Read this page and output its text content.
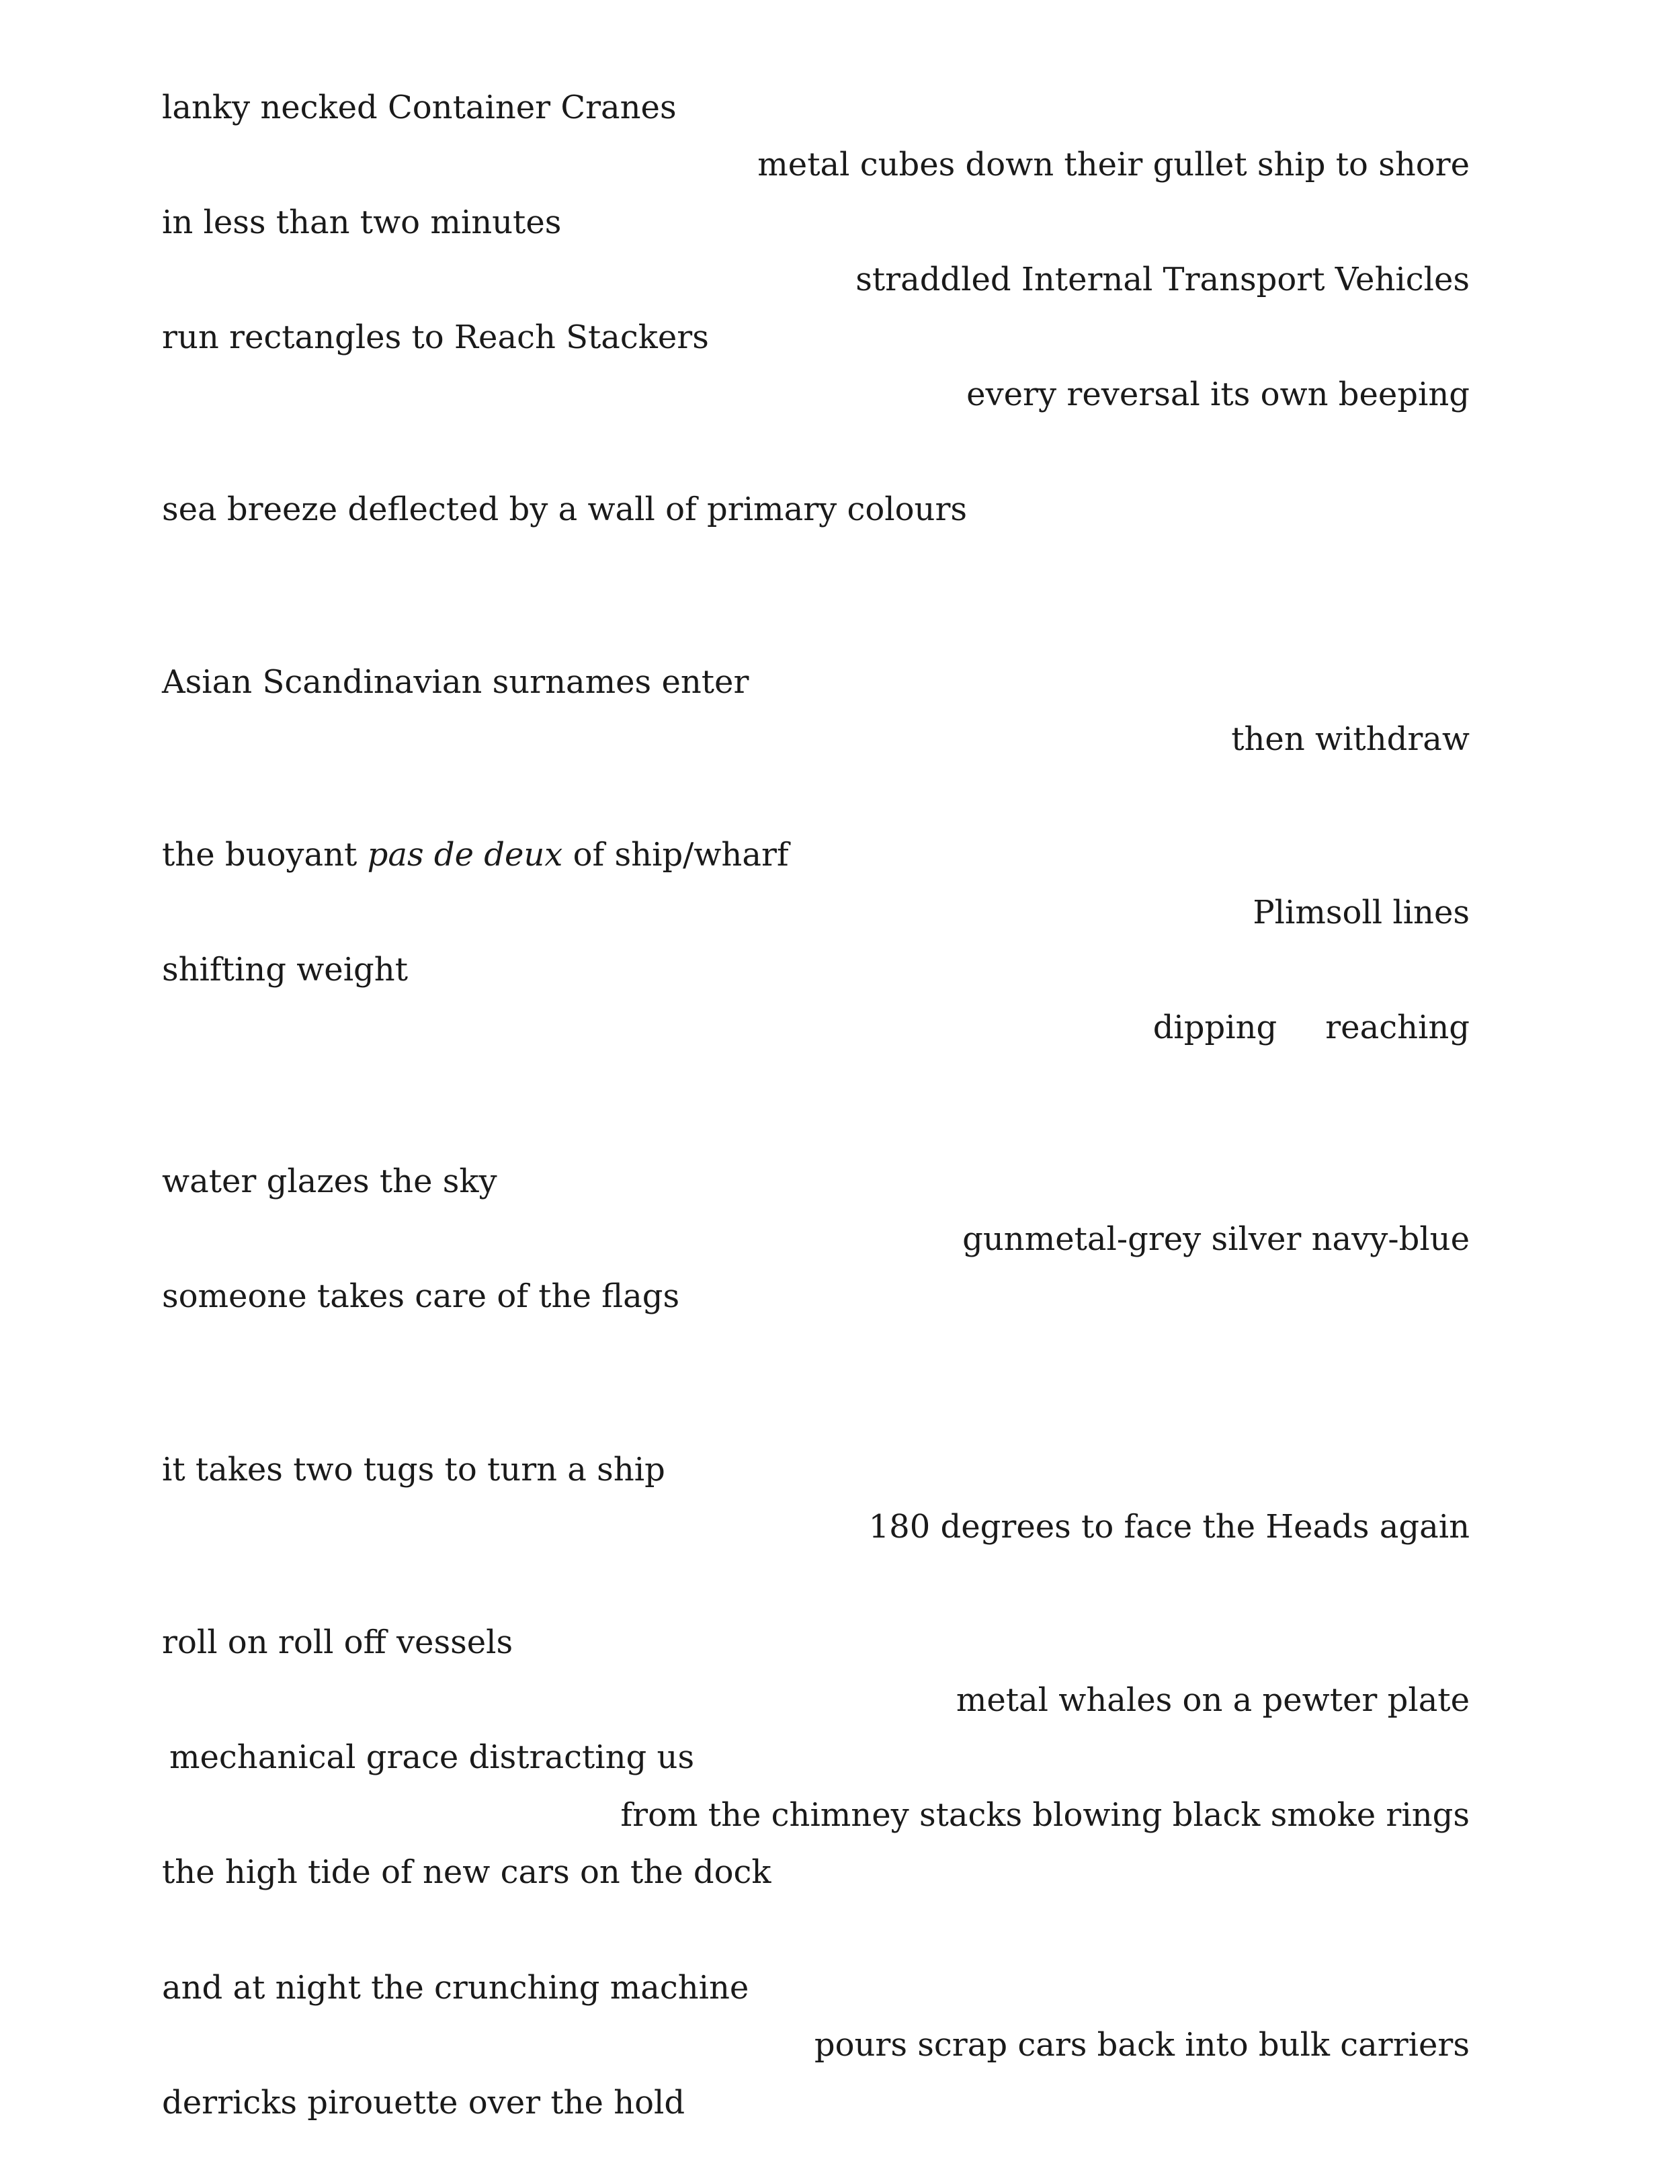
lanky necked Container Cranes

metal cubes down their gullet ship to shore

in less than two minutes

straddled Internal Transport Vehicles

run rectangles to Reach Stackers

every reversal its own beeping

sea breeze deflected by a wall of primary colours

Asian Scandinavian surnames enter

then withdraw

the buoyant pas de deux of ship/wharf

Plimsoll lines

shifting weight

dipping reaching

water glazes the sky

gunmetal-grey silver navy-blue

someone takes care of the flags

it takes two tugs to turn a ship

180 degrees to face the Heads again

roll on roll off vessels

metal whales on a pewter plate

mechanical grace distracting us

from the chimney stacks blowing black smoke rings

the high tide of new cars on the dock

and at night the crunching machine

pours scrap cars back into bulk carriers

derricks pirouette over the hold
